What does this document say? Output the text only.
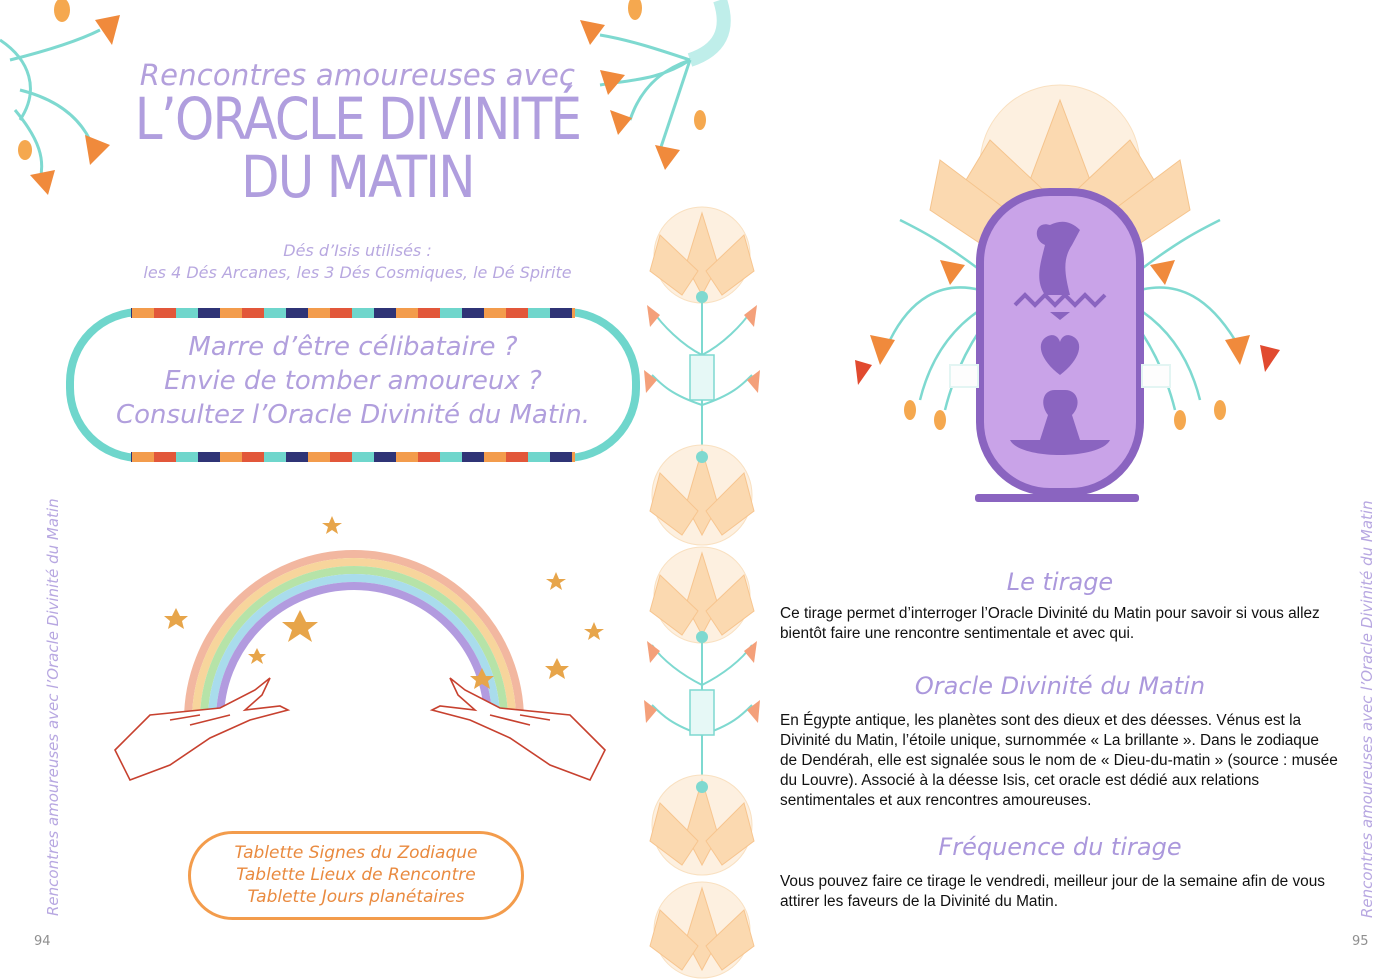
Rencontres amoureuses avec
L’ORACLE DIVINITÉ
DU MATIN
Dés d’Isis utilisés :
les 4 Dés Arcanes, les 3 Dés Cosmiques, le Dé Spirite
Marre d’être célibataire ?
Envie de tomber amoureux ?
Consultez l’Oracle Divinité du Matin.
Tablette Signes du Zodiaque
Tablette Lieux de Rencontre
Tablette Jours planétaires
Rencontres amoureuses avec l’Oracle Divinité du Matin
94
Le tirage
Ce tirage permet d’interroger l’Oracle Divinité du Matin pour savoir si vous allez bientôt faire une rencontre sentimentale et avec qui.
Oracle Divinité du Matin
En Égypte antique, les planètes sont des dieux et des déesses. Vénus est la Divinité du Matin, l’étoile unique, surnommée « La brillante ». Dans le zodiaque de Dendérah, elle est signalée sous le nom de « Dieu-du-matin » (source : musée du Louvre). Associé à la déesse Isis, cet oracle est dédié aux relations sentimentales et aux rencontres amoureuses.
Fréquence du tirage
Vous pouvez faire ce tirage le vendredi, meilleur jour de la semaine afin de vous attirer les faveurs de la Divinité du Matin.	Rencontres amoureuses avec l’Oracle Divinité du Matin
95
